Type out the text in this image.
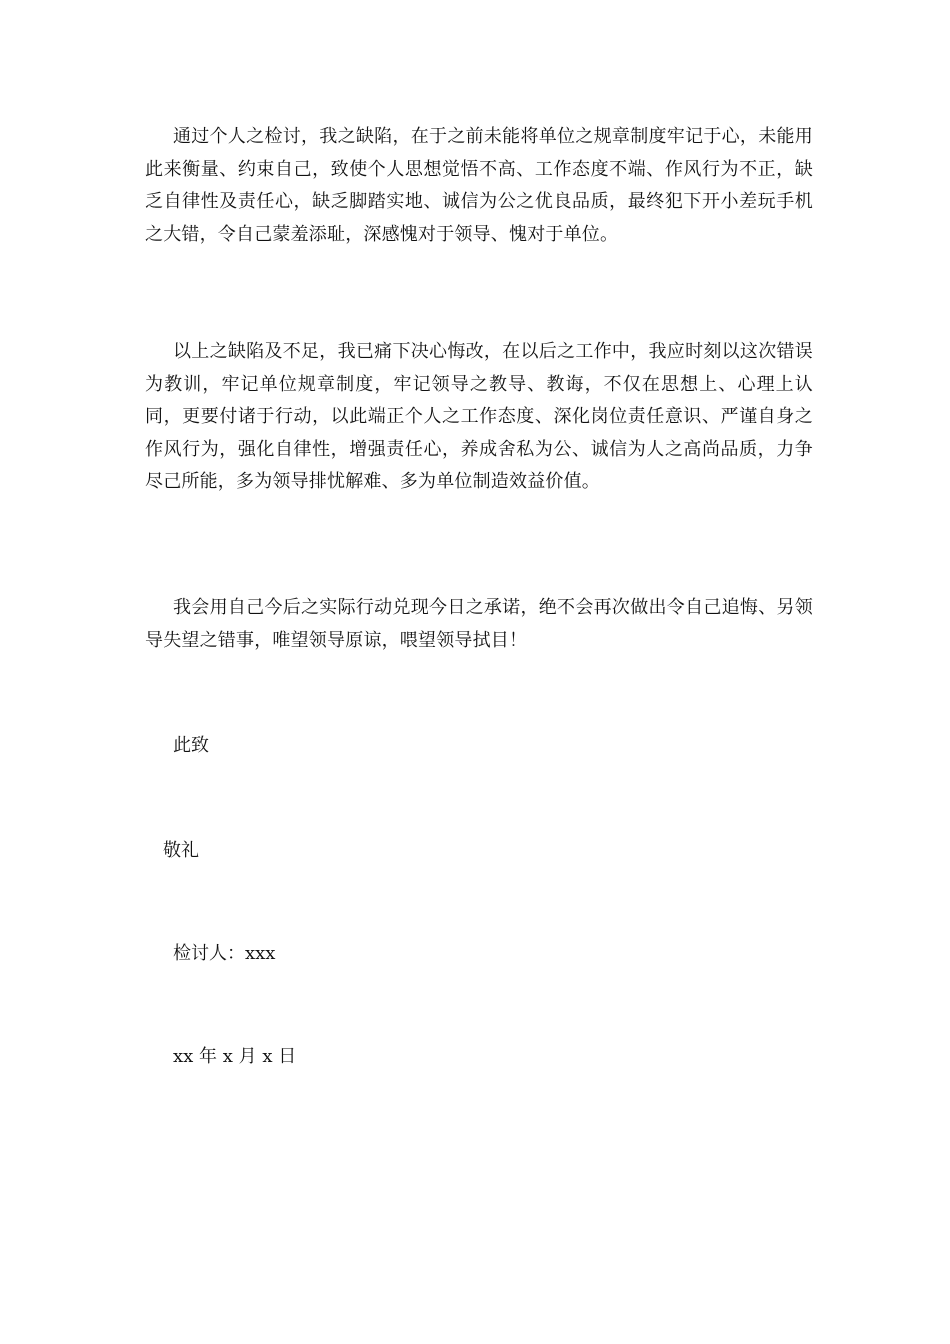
通过个人之检讨，我之缺陷，在于之前未能将单位之规章制度牢记于心，未能用此来衡量、约束自己，致使个人思想觉悟不高、工作态度不端、作风行为不正，缺乏自律性及责任心，缺乏脚踏实地、诚信为公之优良品质，最终犯下开小差玩手机之大错，令自己蒙羞添耻，深感愧对于领导、愧对于单位。

以上之缺陷及不足，我已痛下决心悔改，在以后之工作中，我应时刻以这次错误为教训，牢记单位规章制度，牢记领导之教导、教诲，不仅在思想上、心理上认同，更要付诸于行动，以此端正个人之工作态度、深化岗位责任意识、严谨自身之作风行为，强化自律性，增强责任心，养成舍私为公、诚信为人之高尚品质，力争尽己所能，多为领导排忧解难、多为单位制造效益价值。

我会用自己今后之实际行动兑现今日之承诺，绝不会再次做出令自己追悔、另领导失望之错事，唯望领导原谅，喂望领导拭目！

此致

敬礼

检讨人：xxx

xx 年 x 月 x 日
